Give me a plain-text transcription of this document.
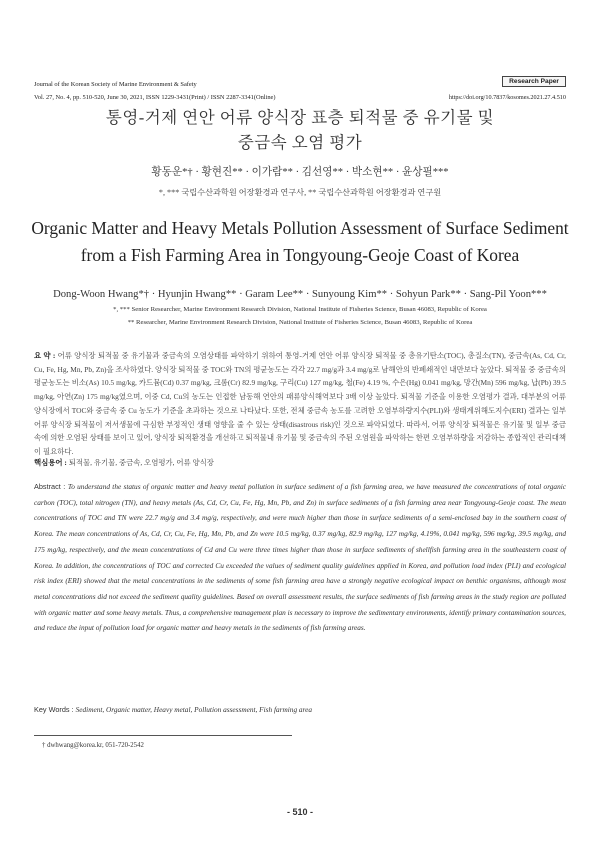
Journal of the Korean Society of Marine Environment & Safety
Vol. 27, No. 4, pp. 510-520, June 30, 2021, ISSN 1229-3431(Print) / ISSN 2287-3341(Online)
Research Paper
https://doi.org/10.7837/kosomes.2021.27.4.510
통영-거제 연안 어류 양식장 표층 퇴적물 중 유기물 및
중금속 오염 평가
황동운*† · 황현진** · 이가람** · 김선영** · 박소현** · 윤상필***
*, *** 국립수산과학원 어장환경과 연구사, ** 국립수산과학원 어장환경과 연구원
Organic Matter and Heavy Metals Pollution Assessment of Surface Sediment
from a Fish Farming Area in Tongyoung-Geoje Coast of Korea
Dong-Woon Hwang*† · Hyunjin Hwang** · Garam Lee** · Sunyoung Kim** · Sohyun Park** · Sang-Pil Yoon***
*, *** Senior Researcher, Marine Environment Research Division, National Institute of Fisheries Science, Busan 46083, Republic of Korea
** Researcher, Marine Environment Research Division, National Institute of Fisheries Science, Busan 46083, Republic of Korea
요 약 : 어류 양식장 퇴적물 중 유기물과 중금속의 오염상태를 파악하기 위하여 통영-거제 연안 어류 양식장 퇴적물 중 총유기탄소(TOC), 총질소(TN), 중금속(As, Cd, Cr, Cu, Fe, Hg, Mn, Pb, Zn)을 조사하였다. 양식장 퇴적물 중 TOC와 TN의 평균농도는 각각 22.7 mg/g과 3.4 mg/g로 남해안의 반폐쇄적인 내만보다 높았다. 퇴적물 중 중금속의 평균농도는 비소(As) 10.5 mg/kg, 카드뮴(Cd) 0.37 mg/kg, 크롬(Cr) 82.9 mg/kg, 구리(Cu) 127 mg/kg, 철(Fe) 4.19 %, 수은(Hg) 0.041 mg/kg, 망간(Mn) 596 mg/kg, 납(Pb) 39.5 mg/kg, 아연(Zn) 175 mg/kg였으며, 이중 Cd, Cu의 농도는 인접한 남동해 연안의 패류양식해역보다 3배 이상 높았다. 퇴적물 기준을 이용한 오염평가 결과, 대부분의 어류 양식장에서 TOC와 중금속 중 Cu 농도가 기준을 초과하는 것으로 나타났다. 또한, 전체 중금속 농도를 고려한 오염부하량지수(PLI)와 생태계위해도지수(ERI) 결과는 일부 어류 양식장 퇴적물이 저서생물에 극심한 부정적인 생태 영향을 줄 수 있는 상태(disastrous risk)인 것으로 파악되었다. 따라서, 어류 양식장 퇴적물은 유기물 및 일부 중금속에 의한 오염된 상태를 보이고 있어, 양식장 퇴적환경을 개선하고 퇴적물내 유기물 및 중금속의 주된 오염원을 파악하는 한편 오염부하량을 저감하는 종합적인 관리대책이 필요하다.
핵심용어 : 퇴적물, 유기물, 중금속, 오염평가, 어류 양식장
Abstract : To understand the status of organic matter and heavy metal pollution in surface sediment of a fish farming area, we have measured the concentrations of total organic carbon (TOC), total nitrogen (TN), and heavy metals (As, Cd, Cr, Cu, Fe, Hg, Mn, Pb, and Zn) in surface sediments of a fish farming area near Tongyoung-Geoje coast. The mean concentrations of TOC and TN were 22.7 mg/g and 3.4 mg/g, respectively, and were much higher than those in surface sediments of a semi-enclosed bay in the southern coast of Korea. The mean concentrations of As, Cd, Cr, Cu, Fe, Hg, Mn, Pb, and Zn were 10.5 mg/kg, 0.37 mg/kg, 82.9 mg/kg, 127 mg/kg, 4.19%, 0.041 mg/kg, 596 mg/kg, 39.5 mg/kg, and 175 mg/kg, respectively, and the mean concentrations of Cd and Cu were three times higher than those in surface sediments of shellfish farming area in the southeastern coast of Korea. In addition, the concentrations of TOC and corrected Cu exceeded the values of sediment quality guidelines applied in Korea, and pollution load index (PLI) and ecological risk index (ERI) showed that the metal concentrations in the sediments of some fish farming area have a strongly negative ecological impact on benthic organisms, although most metal concentrations did not exceed the sediment quality guidelines. Based on overall assessment results, the surface sediments of fish farming areas in the study region are polluted with organic matter and some heavy metals. Thus, a comprehensive management plan is necessary to improve the sedimentary environments, identify primary contamination sources, and reduce the input of pollution load for organic matter and heavy metals in the sediments of fish farming areas.
Key Words : Sediment, Organic matter, Heavy metal, Pollution assessment, Fish farming area
† dwhwang@korea.kr, 051-720-2542
- 510 -
